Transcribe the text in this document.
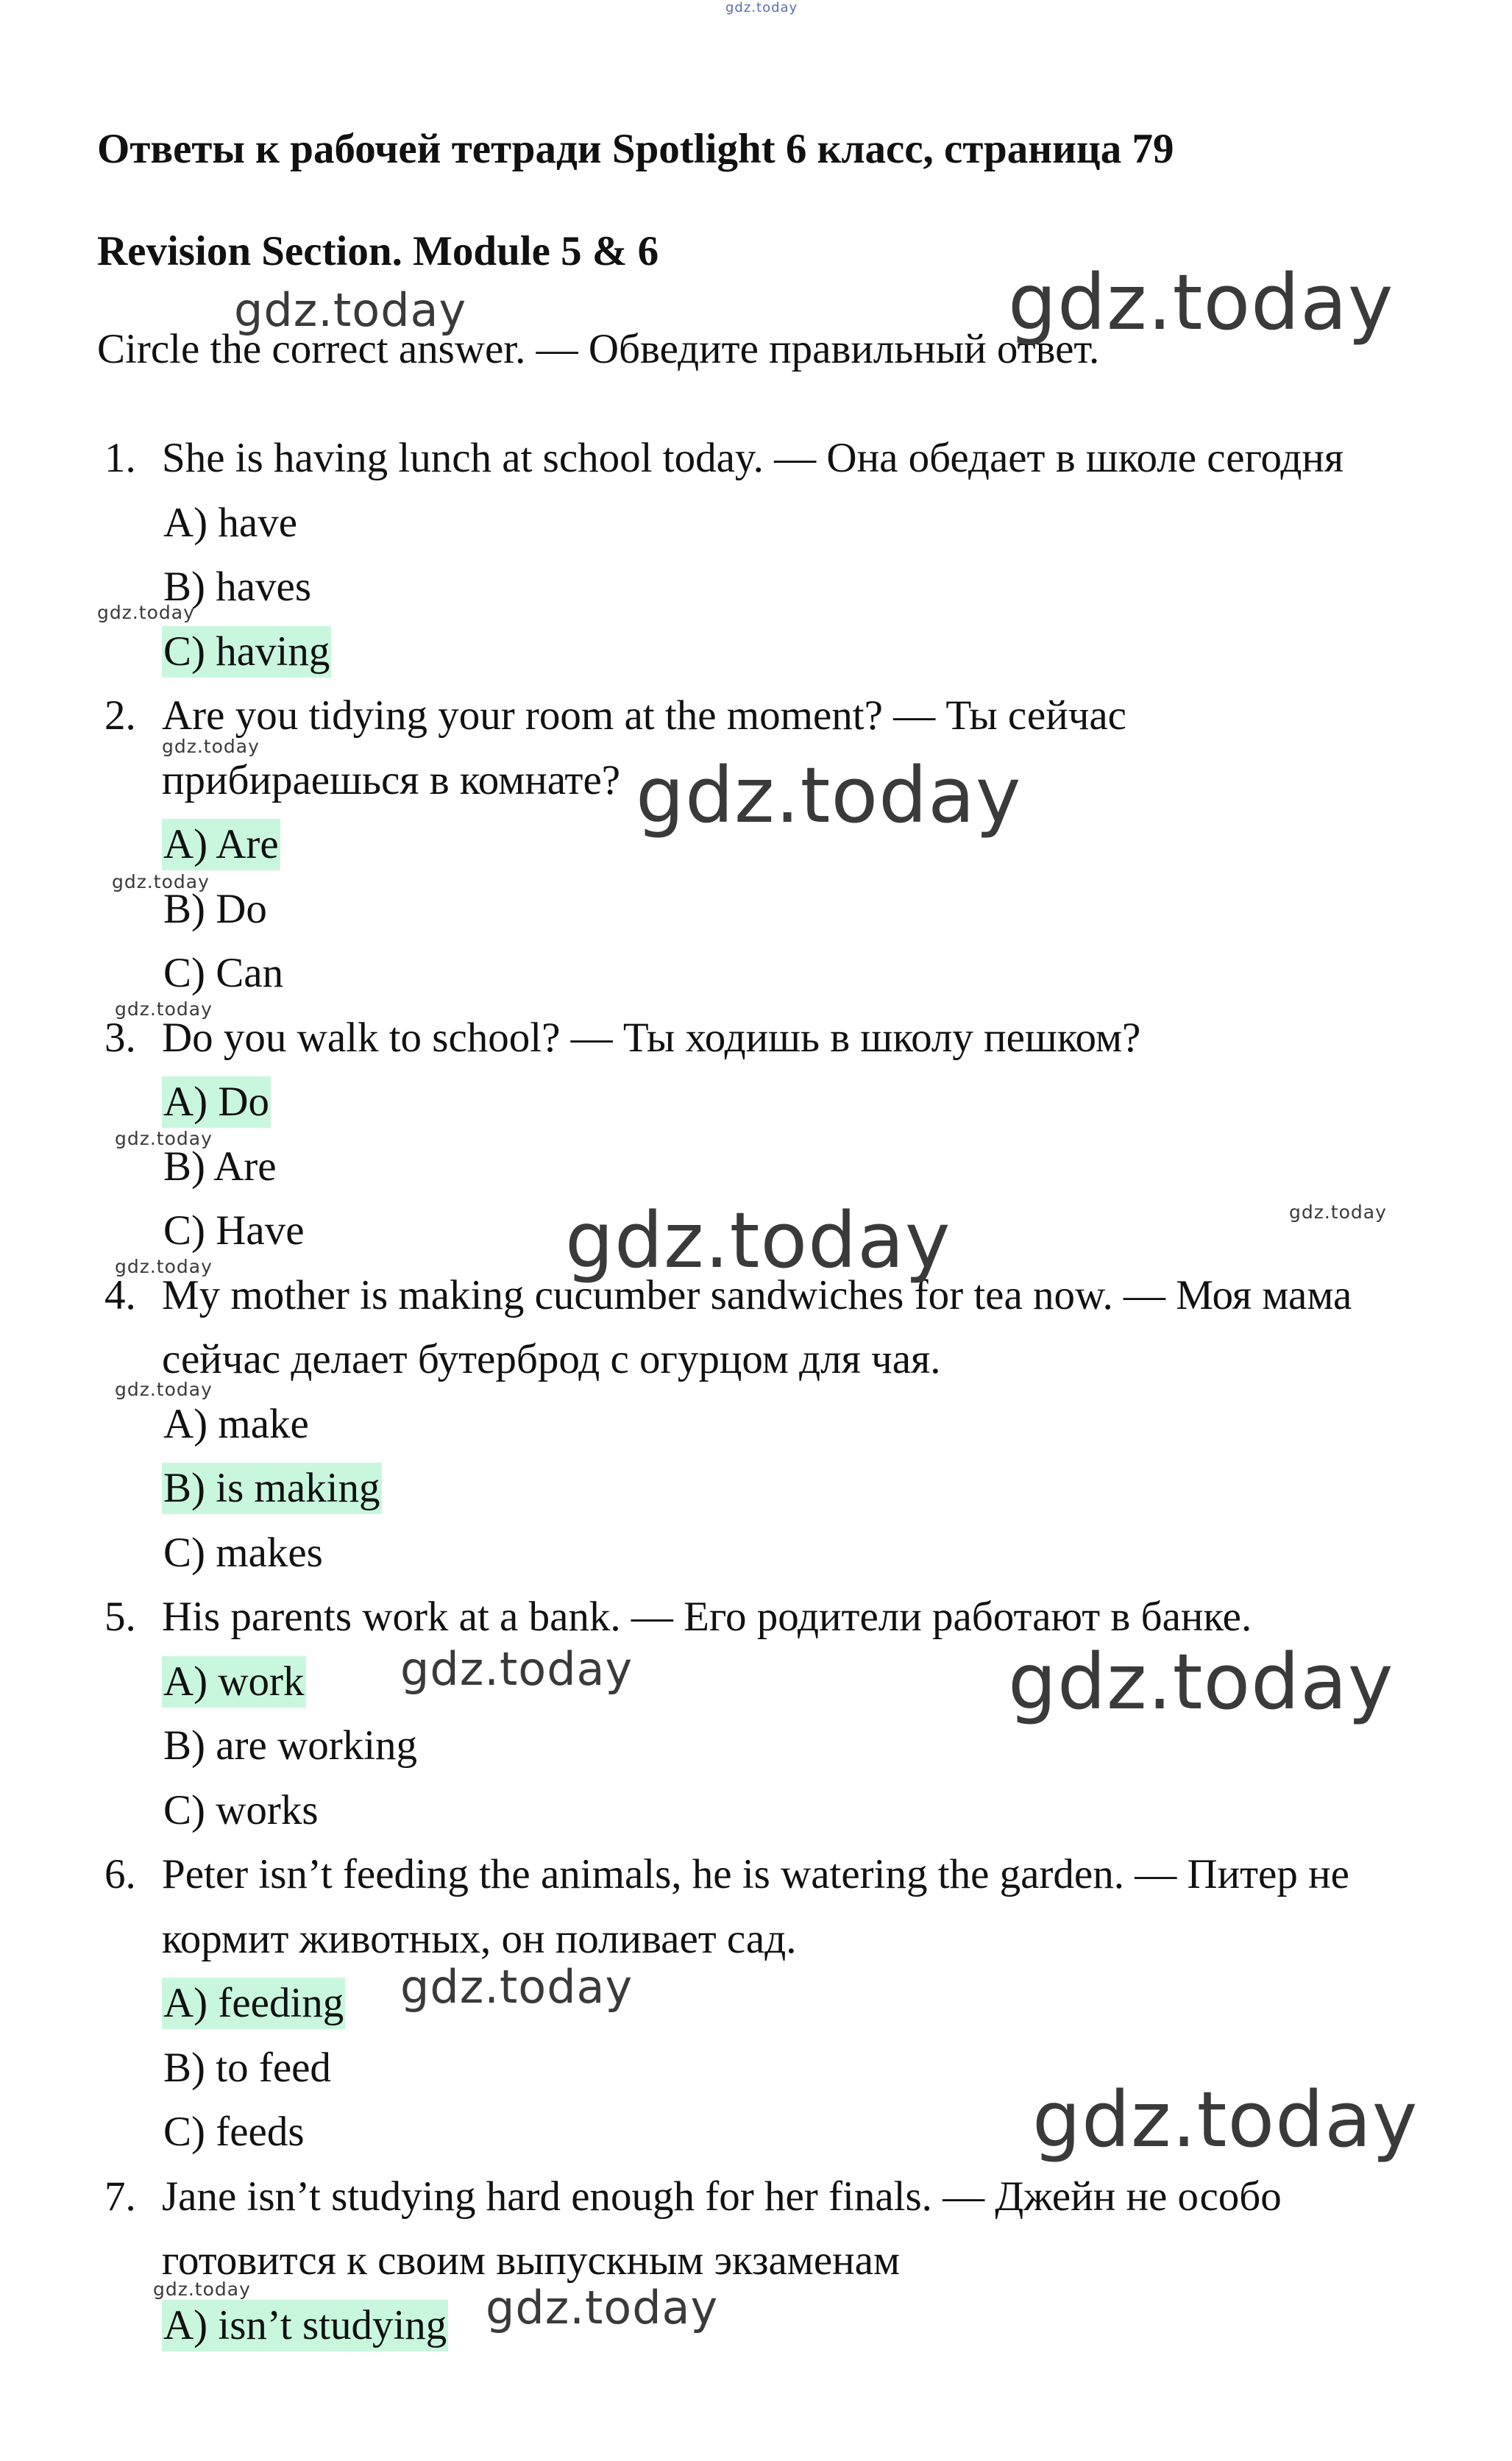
Ответы к рабочей тетради Spotlight 6 класс, страница 79
Revision Section. Module 5 & 6
Circle the correct answer. — Обведите правильный ответ.
1. She is having lunch at school today. — Она обедает в школе сегодня
A) have
B) haves
C) having
2. Are you tidying your room at the moment? — Ты сейчас
прибираешься в комнате?
A) Are
B) Do
C) Can
3. Do you walk to school? — Ты ходишь в школу пешком?
A) Do
B) Are
C) Have
4. My mother is making cucumber sandwiches for tea now. — Моя мама
сейчас делает бутерброд с огурцом для чая.
A) make
B) is making
C) makes
5. His parents work at a bank. — Его родители работают в банке.
A) work
B) are working
C) works
6. Peter isn’t feeding the animals, he is watering the garden. — Питер не
кормит животных, он поливает сад.
A) feeding
B) to feed
C) feeds
7. Jane isn’t studying hard enough for her finals. — Джейн не особо
готовится к своим выпускным экзаменам
A) isn’t studying
gdz.today
gdz.today	gdz.today
gdz.today
gdz.today
gdz.today
gdz.today
gdz.today
gdz.today
gdz.today	gdz.today
gdz.today
gdz.today
gdz.today	gdz.today
gdz.today
gdz.today
gdz.today	gdz.today
